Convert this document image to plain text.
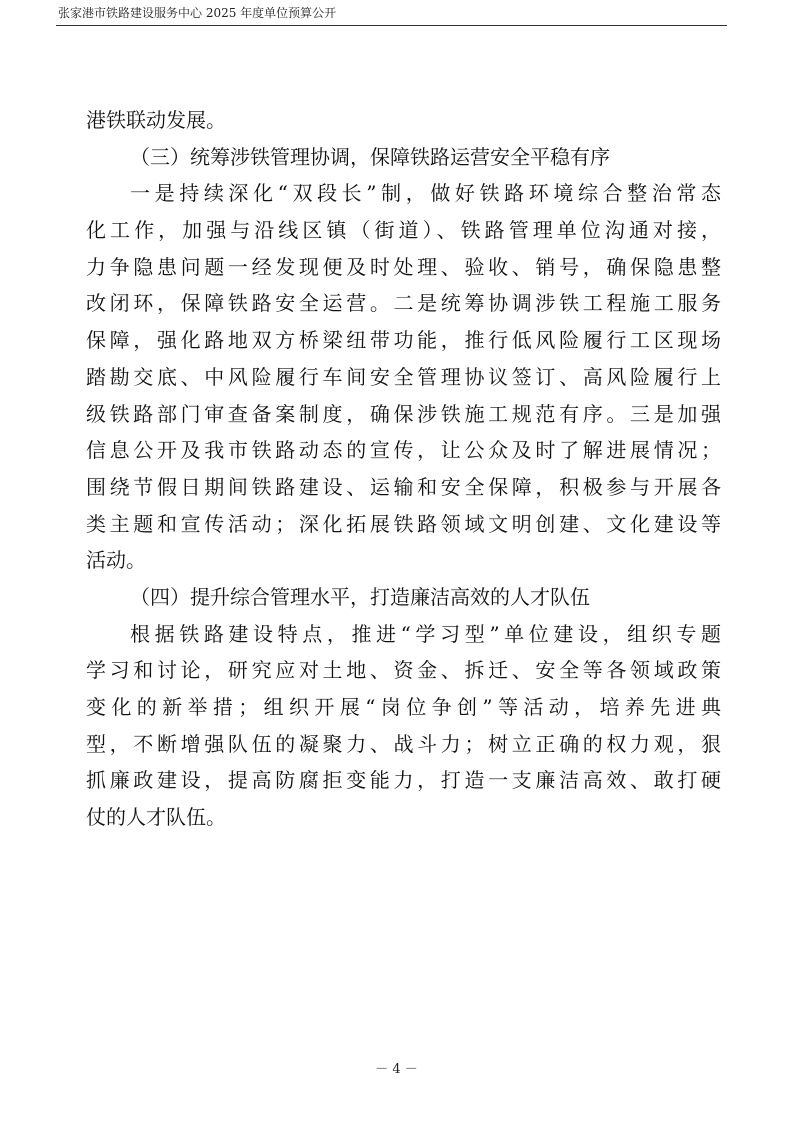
张家港市铁路建设服务中心 2025 年度单位预算公开
港铁联动发展。
（三）统筹涉铁管理协调，保障铁路运营安全平稳有序
一是持续深化“双段长”制，做好铁路环境综合整治常态
化工作，加强与沿线区镇（街道）、铁路管理单位沟通对接，
力争隐患问题一经发现便及时处理、验收、销号，确保隐患整
改闭环，保障铁路安全运营。二是统筹协调涉铁工程施工服务
保障，强化路地双方桥梁纽带功能，推行低风险履行工区现场
踏勘交底、中风险履行车间安全管理协议签订、高风险履行上
级铁路部门审查备案制度，确保涉铁施工规范有序。三是加强
信息公开及我市铁路动态的宣传，让公众及时了解进展情况；
围绕节假日期间铁路建设、运输和安全保障，积极参与开展各
类主题和宣传活动；深化拓展铁路领域文明创建、文化建设等
活动。
（四）提升综合管理水平，打造廉洁高效的人才队伍
根据铁路建设特点，推进“学习型”单位建设，组织专题
学习和讨论，研究应对土地、资金、拆迁、安全等各领域政策
变化的新举措；组织开展“岗位争创”等活动，培养先进典
型，不断增强队伍的凝聚力、战斗力；树立正确的权力观，狠
抓廉政建设，提高防腐拒变能力，打造一支廉洁高效、敢打硬
仗的人才队伍。
－ 4 －
